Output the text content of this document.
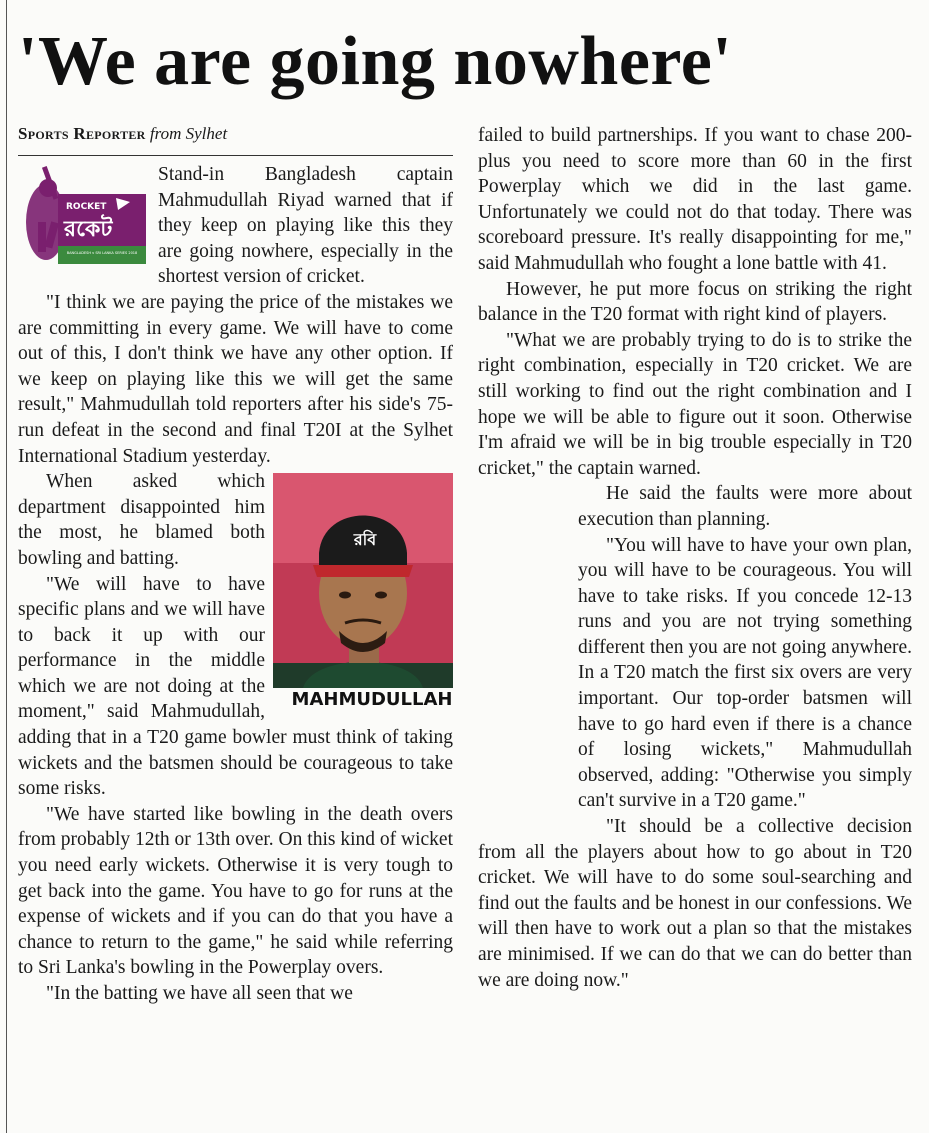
'We are going nowhere'
Sports Reporter from Sylhet
ROCKET
রকেট
BANGLADESH v SRI LANKA SERIES 2018

Stand-in Bangladesh captain Mahmudullah Riyad warned that if they keep on playing like this they are going nowhere, especially in the shortest version of cricket.

"I think we are paying the price of the mistakes we are committing in every game. We will have to come out of this, I don't think we have any other option. If we keep on playing like this we will get the same result," Mahmudullah told reporters after his side's 75-run defeat in the second and final T20I at the Sylhet International Stadium yesterday.

রবি
MAHMUDULLAH

When asked which department disappointed him the most, he blamed both bowling and batting.

"We will have to have specific plans and we will have to back it up with our performance in the middle which we are not doing at the moment," said Mahmudullah, adding that in a T20 game bowler must think of taking wickets and the batsmen should be courageous to take some risks.

"We have started like bowling in the death overs from probably 12th or 13th over. On this kind of wicket you need early wickets. Otherwise it is very tough to get back into the game. You have to go for runs at the expense of wickets and if you can do that you have a chance to return to the game," he said while referring to Sri Lanka's bowling in the Powerplay overs.

"In the batting we have all seen that we

failed to build partnerships. If you want to chase 200-plus you need to score more than 60 in the first Powerplay which we did in the last game. Unfortunately we could not do that today. There was scoreboard pressure. It's really disappointing for me," said Mahmudullah who fought a lone battle with 41.

However, he put more focus on striking the right balance in the T20 format with right kind of players.

"What we are probably trying to do is to strike the right combination, especially in T20 cricket. We are still working to find out the right combination and I hope we will be able to figure out it soon. Otherwise I'm afraid we will be in big trouble especially in T20 cricket," the captain warned.

He said the faults were more about execution than planning.

"You will have to have your own plan, you will have to be courageous. You will have to take risks. If you concede 12-13 runs and you are not trying something different then you are not going anywhere. In a T20 match the first six overs are very important. Our top-order batsmen will have to go hard even if there is a chance of losing wickets," Mahmudullah observed, adding: "Otherwise you simply can't survive in a T20 game."

"It should be a collective decision from all the players about how to go about in T20 cricket. We will have to do some soul-searching and find out the faults and be honest in our confessions. We will then have to work out a plan so that the mistakes are minimised. If we can do that we can do better than we are doing now."
